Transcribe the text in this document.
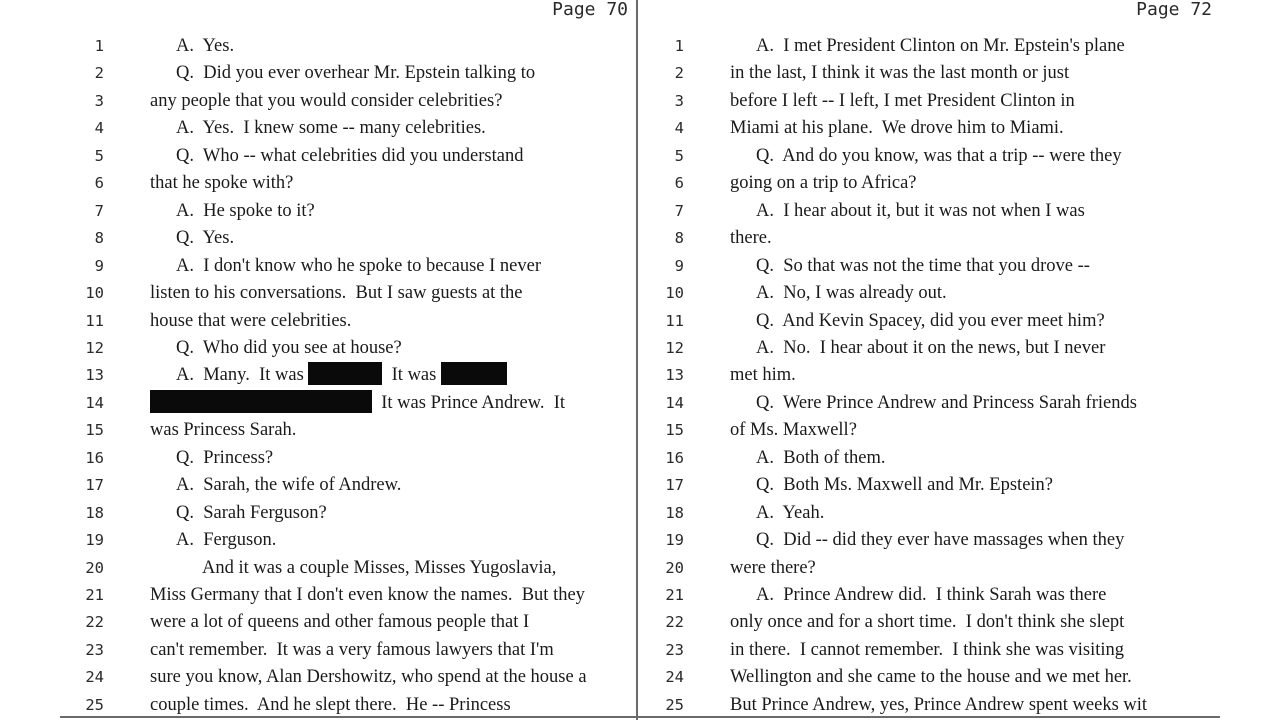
Page 70
1	A.  Yes.
2	Q.  Did you ever overhear Mr. Epstein talking to
3 any people that you would consider celebrities?
4	A.  Yes.  I knew some -- many celebrities.
5	Q.  Who -- what celebrities did you understand
6 that he spoke with?
7	A.  He spoke to it?
8	Q.  Yes.
9	A.  I don't know who he spoke to because I never
10 listen to his conversations.  But I saw guests at the
11 house that were celebrities.
12	Q.  Who did you see at house?
13	A.  Many.  It was	It was
14	It was Prince Andrew.  It
15 was Princess Sarah.
16	Q.  Princess?
17	A.  Sarah, the wife of Andrew.
18	Q.  Sarah Ferguson?
19	A.  Ferguson.
20	And it was a couple Misses, Misses Yugoslavia,
21 Miss Germany that I don't even know the names.  But they
22 were a lot of queens and other famous people that I
23 can't remember.  It was a very famous lawyers that I'm
24 sure you know, Alan Dershowitz, who spend at the house a
25 couple times.  And he slept there.  He -- Princess
Page 72
1	A.  I met President Clinton on Mr. Epstein's plane
2 in the last, I think it was the last month or just
3 before I left -- I left, I met President Clinton in
4 Miami at his plane.  We drove him to Miami.
5	Q.  And do you know, was that a trip -- were they
6 going on a trip to Africa?
7	A.  I hear about it, but it was not when I was
8 there.
9	Q.  So that was not the time that you drove --
10	A.  No, I was already out.
11	Q.  And Kevin Spacey, did you ever meet him?
12	A.  No.  I hear about it on the news, but I never
13 met him.
14	Q.  Were Prince Andrew and Princess Sarah friends
15 of Ms. Maxwell?
16	A.  Both of them.
17	Q.  Both Ms. Maxwell and Mr. Epstein?
18	A.  Yeah.
19	Q.  Did -- did they ever have massages when they
20 were there?
21	A.  Prince Andrew did.  I think Sarah was there
22 only once and for a short time.  I don't think she slept
23 in there.  I cannot remember.  I think she was visiting
24 Wellington and she came to the house and we met her.
25 But Prince Andrew, yes, Prince Andrew spent weeks wit
